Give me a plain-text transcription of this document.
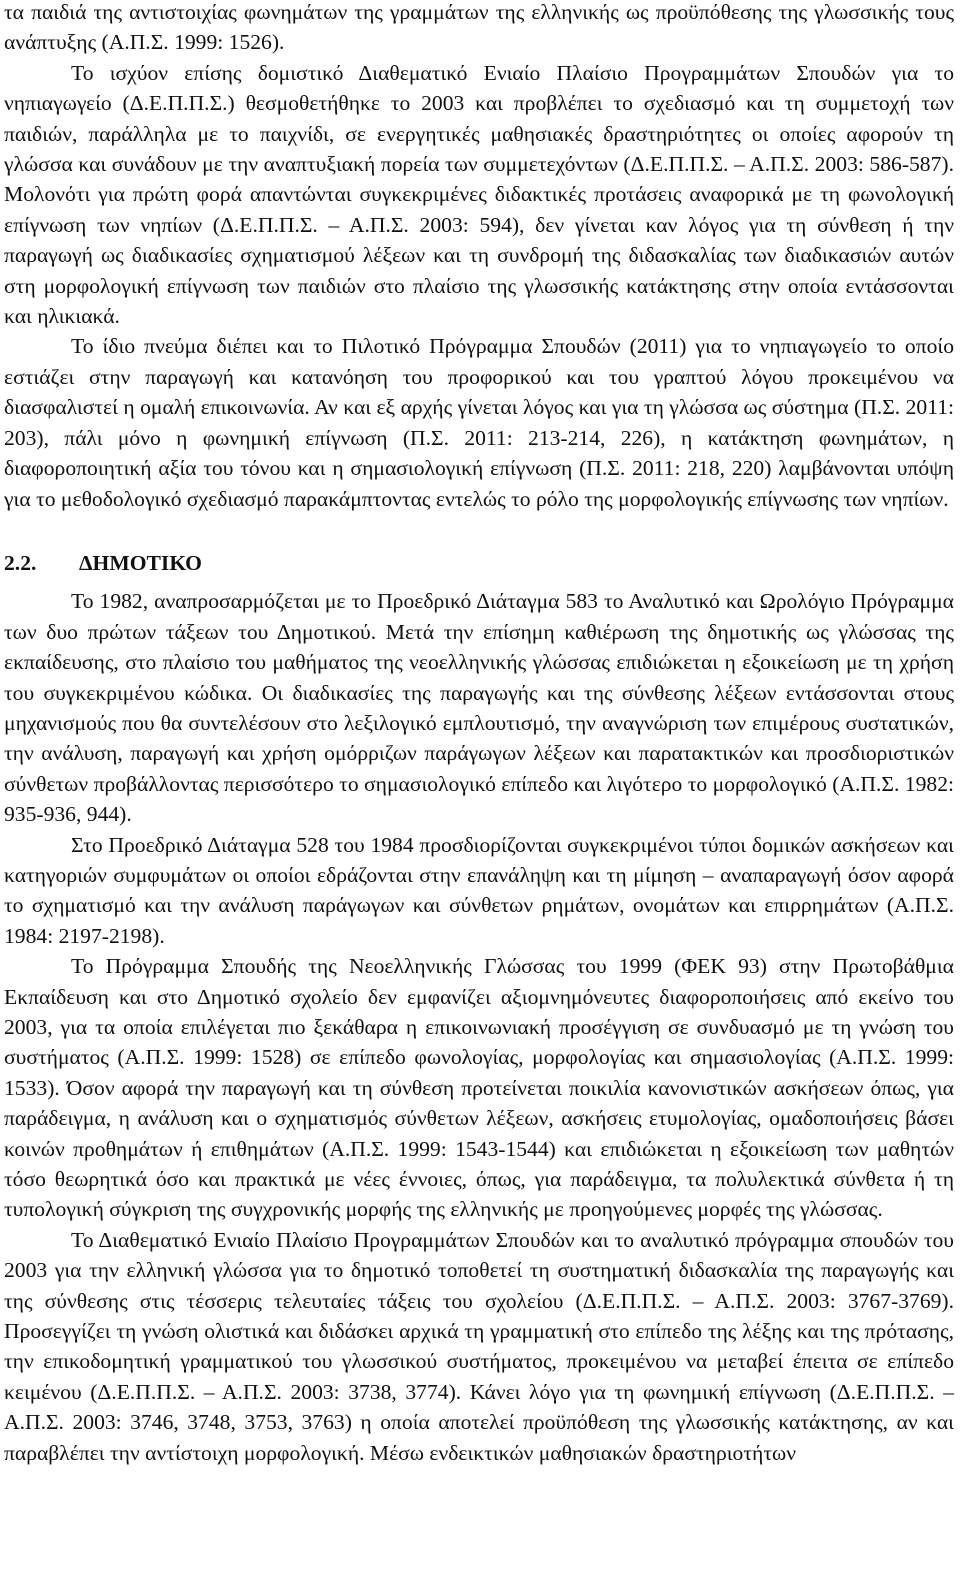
τα παιδιά της αντιστοιχίας φωνημάτων της γραμμάτων της ελληνικής ως προϋπόθεσης της γλωσσικής τους ανάπτυξης (Α.Π.Σ. 1999: 1526).

Το ισχύον επίσης δομιστικό Διαθεματικό Ενιαίο Πλαίσιο Προγραμμάτων Σπουδών για το νηπιαγωγείο (Δ.Ε.Π.Π.Σ.) θεσμοθετήθηκε το 2003 και προβλέπει το σχεδιασμό και τη συμμετοχή των παιδιών, παράλληλα με το παιχνίδι, σε ενεργητικές μαθησιακές δραστηριότητες οι οποίες αφορούν τη γλώσσα και συνάδουν με την αναπτυξιακή πορεία των συμμετεχόντων (Δ.Ε.Π.Π.Σ. – Α.Π.Σ. 2003: 586-587). Μολονότι για πρώτη φορά απαντώνται συγκεκριμένες διδακτικές προτάσεις αναφορικά με τη φωνολογική επίγνωση των νηπίων (Δ.Ε.Π.Π.Σ. – Α.Π.Σ. 2003: 594), δεν γίνεται καν λόγος για τη σύνθεση ή την παραγωγή ως διαδικασίες σχηματισμού λέξεων και τη συνδρομή της διδασκαλίας των διαδικασιών αυτών στη μορφολογική επίγνωση των παιδιών στο πλαίσιο της γλωσσικής κατάκτησης στην οποία εντάσσονται και ηλικιακά.

Το ίδιο πνεύμα διέπει και το Πιλοτικό Πρόγραμμα Σπουδών (2011) για το νηπιαγωγείο το οποίο εστιάζει στην παραγωγή και κατανόηση του προφορικού και του γραπτού λόγου προκειμένου να διασφαλιστεί η ομαλή επικοινωνία. Αν και εξ αρχής γίνεται λόγος και για τη γλώσσα ως σύστημα (Π.Σ. 2011: 203), πάλι μόνο η φωνημική επίγνωση (Π.Σ. 2011: 213-214, 226), η κατάκτηση φωνημάτων, η διαφοροποιητική αξία του τόνου και η σημασιολογική επίγνωση (Π.Σ. 2011: 218, 220) λαμβάνονται υπόψη για το μεθοδολογικό σχεδιασμό παρακάμπτοντας εντελώς το ρόλο της μορφολογικής επίγνωσης των νηπίων.

2.2.	ΔΗΜΟΤΙΚΟ

Το 1982, αναπροσαρμόζεται με το Προεδρικό Διάταγμα 583 το Αναλυτικό και Ωρολόγιο Πρόγραμμα των δυο πρώτων τάξεων του Δημοτικού. Μετά την επίσημη καθιέρωση της δημοτικής ως γλώσσας της εκπαίδευσης, στο πλαίσιο του μαθήματος της νεοελληνικής γλώσσας επιδιώκεται η εξοικείωση με τη χρήση του συγκεκριμένου κώδικα. Οι διαδικασίες της παραγωγής και της σύνθεσης λέξεων εντάσσονται στους μηχανισμούς που θα συντελέσουν στο λεξιλογικό εμπλουτισμό, την αναγνώριση των επιμέρους συστατικών, την ανάλυση, παραγωγή και χρήση ομόρριζων παράγωγων λέξεων και παρατακτικών και προσδιοριστικών σύνθετων προβάλλοντας περισσότερο το σημασιολογικό επίπεδο και λιγότερο το μορφολογικό (Α.Π.Σ. 1982: 935-936, 944).

Στο Προεδρικό Διάταγμα 528 του 1984 προσδιορίζονται συγκεκριμένοι τύποι δομικών ασκήσεων και κατηγοριών συμφυμάτων οι οποίοι εδράζονται στην επανάληψη και τη μίμηση – αναπαραγωγή όσον αφορά το σχηματισμό και την ανάλυση παράγωγων και σύνθετων ρημάτων, ονομάτων και επιρρημάτων (Α.Π.Σ. 1984: 2197-2198).

Το Πρόγραμμα Σπουδής της Νεοελληνικής Γλώσσας του 1999 (ΦΕΚ 93) στην Πρωτοβάθμια Εκπαίδευση και στο Δημοτικό σχολείο δεν εμφανίζει αξιομνημόνευτες διαφοροποιήσεις από εκείνο του 2003, για τα οποία επιλέγεται πιο ξεκάθαρα η επικοινωνιακή προσέγγιση σε συνδυασμό με τη γνώση του συστήματος (Α.Π.Σ. 1999: 1528) σε επίπεδο φωνολογίας, μορφολογίας και σημασιολογίας (Α.Π.Σ. 1999: 1533). Όσον αφορά την παραγωγή και τη σύνθεση προτείνεται ποικιλία κανονιστικών ασκήσεων όπως, για παράδειγμα, η ανάλυση και ο σχηματισμός σύνθετων λέξεων, ασκήσεις ετυμολογίας, ομαδοποιήσεις βάσει κοινών προθημάτων ή επιθημάτων (Α.Π.Σ. 1999: 1543-1544) και επιδιώκεται η εξοικείωση των μαθητών τόσο θεωρητικά όσο και πρακτικά με νέες έννοιες, όπως, για παράδειγμα, τα πολυλεκτικά σύνθετα ή τη τυπολογική σύγκριση της συγχρονικής μορφής της ελληνικής με προηγούμενες μορφές της γλώσσας.

Το Διαθεματικό Ενιαίο Πλαίσιο Προγραμμάτων Σπουδών και το αναλυτικό πρόγραμμα σπουδών του 2003 για την ελληνική γλώσσα για το δημοτικό τοποθετεί τη συστηματική διδασκαλία της παραγωγής και της σύνθεσης στις τέσσερις τελευταίες τάξεις του σχολείου (Δ.Ε.Π.Π.Σ. – Α.Π.Σ. 2003: 3767-3769). Προσεγγίζει τη γνώση ολιστικά και διδάσκει αρχικά τη γραμματική στο επίπεδο της λέξης και της πρότασης, την επικοδομητική γραμματικού του γλωσσικού συστήματος, προκειμένου να μεταβεί έπειτα σε επίπεδο κειμένου (Δ.Ε.Π.Π.Σ. – Α.Π.Σ. 2003: 3738, 3774). Κάνει λόγο για τη φωνημική επίγνωση (Δ.Ε.Π.Π.Σ. – Α.Π.Σ. 2003: 3746, 3748, 3753, 3763) η οποία αποτελεί προϋπόθεση της γλωσσικής κατάκτησης, αν και παραβλέπει την αντίστοιχη μορφολογική. Μέσω ενδεικτικών μαθησιακών δραστηριοτήτων
